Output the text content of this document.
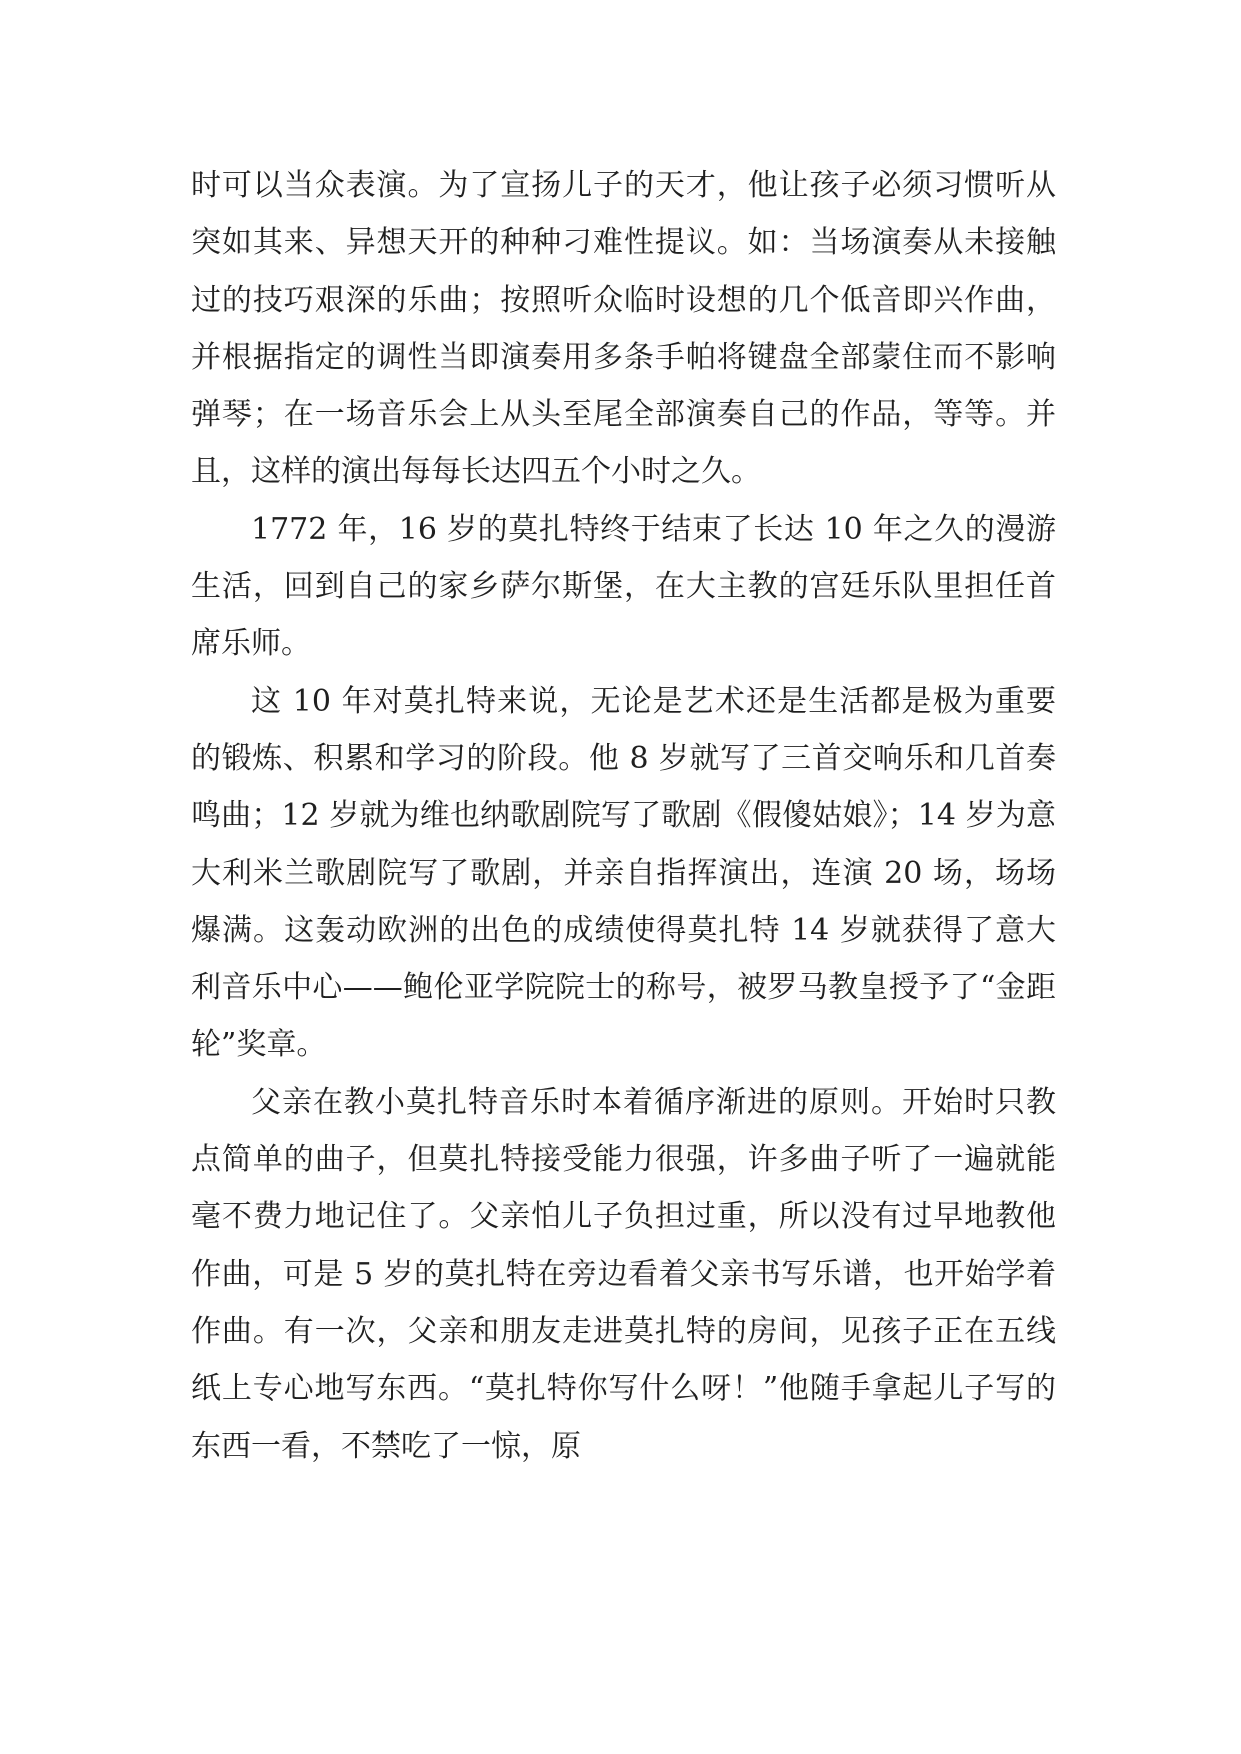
时可以当众表演。为了宣扬儿子的天才，他让孩子必须习惯听从突如其来、异想天开的种种刁难性提议。如：当场演奏从未接触过的技巧艰深的乐曲；按照听众临时设想的几个低音即兴作曲，并根据指定的调性当即演奏用多条手帕将键盘全部蒙住而不影响弹琴；在一场音乐会上从头至尾全部演奏自己的作品，等等。并且，这样的演出每每长达四五个小时之久。

1772 年，16 岁的莫扎特终于结束了长达 10 年之久的漫游生活，回到自己的家乡萨尔斯堡，在大主教的宫廷乐队里担任首席乐师。

这 10 年对莫扎特来说，无论是艺术还是生活都是极为重要的锻炼、积累和学习的阶段。他 8 岁就写了三首交响乐和几首奏鸣曲；12 岁就为维也纳歌剧院写了歌剧《假傻姑娘》；14 岁为意大利米兰歌剧院写了歌剧，并亲自指挥演出，连演 20 场，场场爆满。这轰动欧洲的出色的成绩使得莫扎特 14 岁就获得了意大利音乐中心——鲍伦亚学院院士的称号，被罗马教皇授予了“金距轮”奖章。

父亲在教小莫扎特音乐时本着循序渐进的原则。开始时只教点简单的曲子，但莫扎特接受能力很强，许多曲子听了一遍就能毫不费力地记住了。父亲怕儿子负担过重，所以没有过早地教他作曲，可是 5 岁的莫扎特在旁边看着父亲书写乐谱，也开始学着作曲。有一次，父亲和朋友走进莫扎特的房间，见孩子正在五线纸上专心地写东西。“莫扎特你写什么呀！”他随手拿起儿子写的东西一看，不禁吃了一惊，原
